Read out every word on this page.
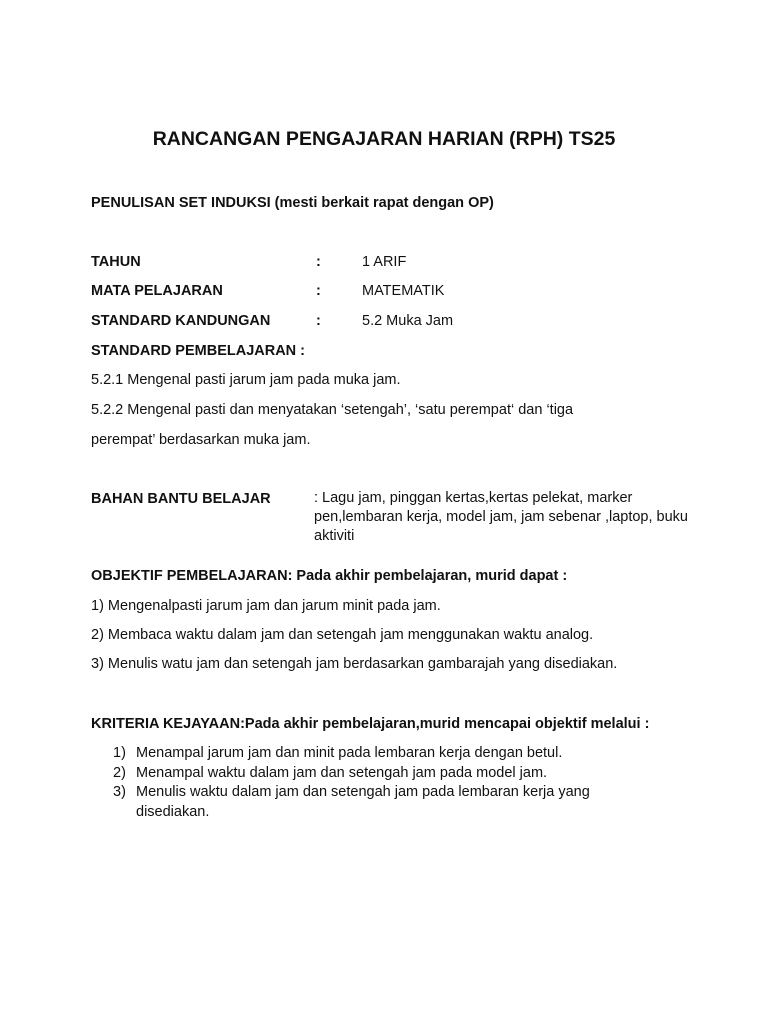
RANCANGAN PENGAJARAN HARIAN (RPH) TS25
PENULISAN SET INDUKSI (mesti berkait rapat dengan OP)
TAHUN	:	1 ARIF
MATA PELAJARAN	:	MATEMATIK
STANDARD KANDUNGAN	:	5.2 Muka Jam
STANDARD PEMBELAJARAN :
5.2.1 Mengenal pasti jarum jam pada muka jam.
5.2.2 Mengenal pasti dan menyatakan ‘setengah’, ‘satu perempat‘ dan ‘tiga
perempat’ berdasarkan muka jam.
BAHAN BANTU BELAJAR	: Lagu jam, pinggan kertas,kertas pelekat, marker pen,lembaran kerja, model jam, jam sebenar ,laptop, buku aktiviti
OBJEKTIF PEMBELAJARAN: Pada akhir pembelajaran, murid dapat :
1) Mengenalpasti jarum jam dan jarum minit pada jam.
2) Membaca waktu dalam jam dan setengah jam menggunakan waktu analog.
3) Menulis watu jam dan setengah jam berdasarkan gambarajah yang disediakan.
KRITERIA KEJAYAAN:Pada akhir pembelajaran,murid mencapai objektif melalui :
1) Menampal jarum jam dan minit pada lembaran kerja dengan betul.
2) Menampal waktu dalam jam dan setengah jam pada model jam.
3) Menulis waktu dalam jam dan setengah jam pada lembaran kerja yang
disediakan.
